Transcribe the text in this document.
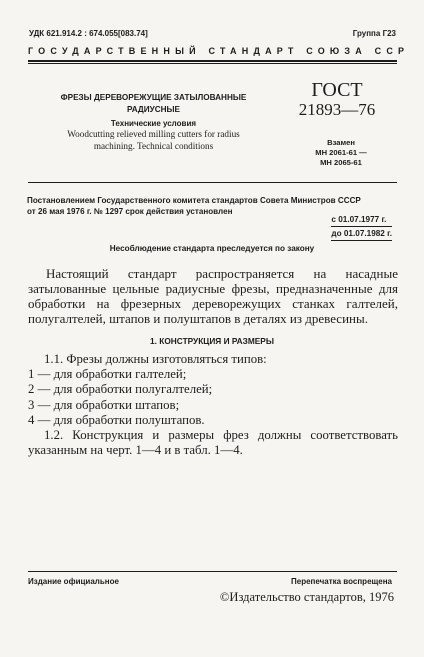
УДК 621.914.2 : 674.055[083.74]	Группа Г23
ГОСУДАРСТВЕННЫЙ СТАНДАРТ СОЮЗА ССР
ФРЕЗЫ ДЕРЕВОРЕЖУЩИЕ ЗАТЫЛОВАННЫЕ
РАДИУСНЫЕ
Технические условия
Woodcutting relieved milling cutters for radius
machining. Technical conditions
ГОСТ
21893—76
Взамен
МН 2061-61 —
МН 2065-61
Постановлением Государственного комитета стандартов Совета Министров СССР
от 26 мая 1976 г. № 1297 срок действия установлен
с 01.07.1977 г.
до 01.07.1982 г.
Несоблюдение стандарта преследуется по закону
Настоящий стандарт распространяется на насадные затылованные цельные радиусные фрезы, предназначенные для обработки на фрезерных дереворежущих станках галтелей, полугалтелей, штапов и полуштапов в деталях из древесины.
1. КОНСТРУКЦИЯ И РАЗМЕРЫ
1.1. Фрезы должны изготовляться типов:
1 — для обработки галтелей;
2 — для обработки полугалтелей;
3 — для обработки штапов;
4 — для обработки полуштапов.
1.2. Конструкция и размеры фрез должны соответствовать указанным на черт. 1—4 и в табл. 1—4.
Издание официальное	Перепечатка воспрещена
©Издательство стандартов, 1976
